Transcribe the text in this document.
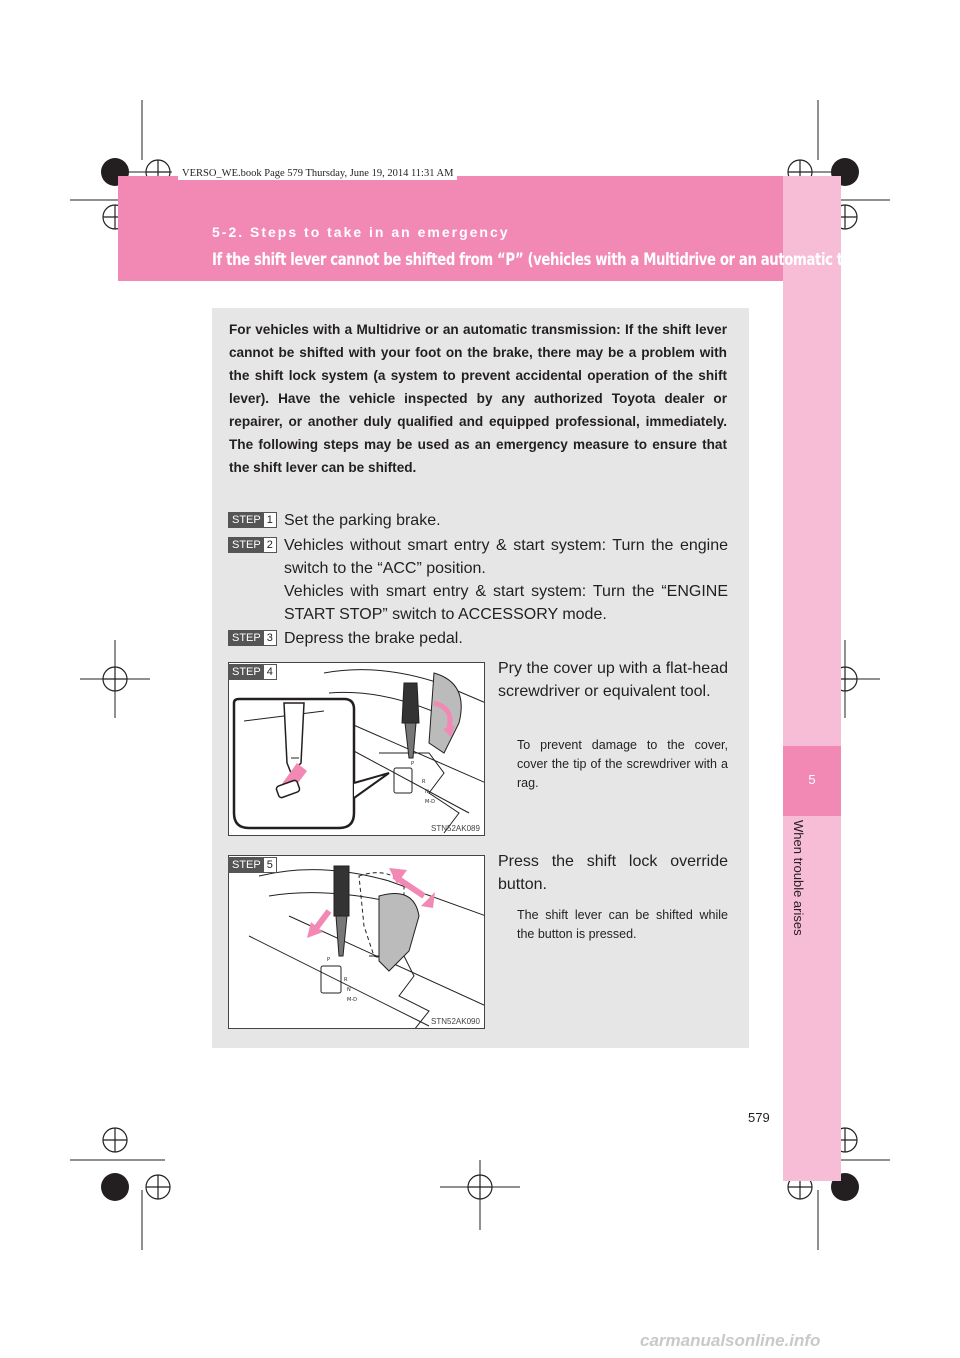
5
When trouble arises
VERSO_WE.book Page 579 Thursday, June 19, 2014 11:31 AM
5-2. Steps to take in an emergency
If the shift lever cannot be shifted from “P” (vehicles with a Multidrive or an automatic transmission)
For vehicles with a Multidrive or an automatic transmission: If the shift lever cannot be shifted with your foot on the brake, there may be a problem with the shift lock system (a system to prevent accidental operation of the shift lever). Have the vehicle inspected by any authorized Toyota dealer or repairer, or another duly qualified and equipped professional, immediately. The following steps may be used as an emergency measure to ensure that the shift lever can be shifted.
STEP 1 Set the parking brake.
STEP 2 Vehicles without smart entry & start system: Turn the engine switch to the “ACC” position.
Vehicles with smart entry & start system: Turn the “ENGINE START STOP” switch to ACCESSORY mode.
STEP 3 Depress the brake pedal.
P
R
N
M-D
STEP 4
STN52AK089
Pry the cover up with a flat-head screwdriver or equivalent tool.
To prevent damage to the cover, cover the tip of the screwdriver with a rag.
P
R
N
M-D
STEP 5
STN52AK090
Press the shift lock override button.
The shift lever can be shifted while the button is pressed.
579
carmanualsonline.info
